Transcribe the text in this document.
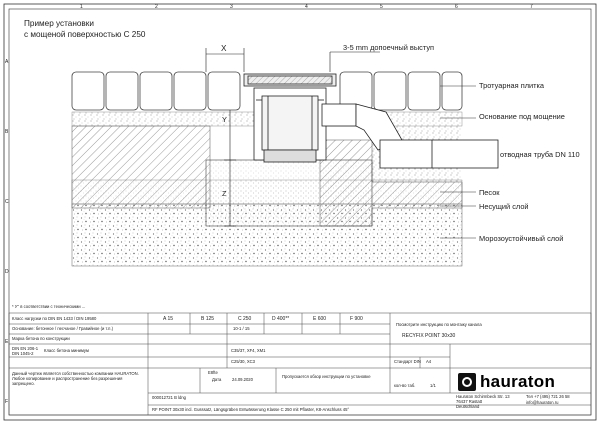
1	2	3	4	5	6	7
A
B
C
D
E
F
Пример установки
с мощеной поверхностью C 250
X
Y
Z
3-5 mm допоечный выступ
Тротуарная плитка
Основание под мощение
отводная труба DN 110
Песок
Несущий слой
Морозоустойчивый слой
* У'' в соответствии с техническими ...
Класс нагрузки по DIN EN 1433 / DIN 19580	A 15	B 125	C 250	D 400**	E 600	F 900
Основание: бетонное / песчаное / Гравийное (и т.п.)	10-1 / 15
Марка бетона по конструкции
DIN EN 206-1
DIN 1045-2
Класс бетона минимум	С35/37, XF4, XM1
С25/30, XC3
Данный чертеж является собственностью компании HAURATON. Любое копирование и распространение без разрешения запрещено.
Дата	24.09.2020
E8fte
000012721 B ldng
Пропускается обзор инструкции по установке
Посмотрите инструкцию по монтажу канала
RECYFIX POINT 30x30
Стандарт DIN A4
кол-во таб.	1/1
RF POINT 30x30 incl. Gusssatz, Längsgräben Entwässerung Klasse C 250 mit Pflaster, K8-Anschluss 45°
hauraton
Hauraton Schirmbeck Str. 13
76437 Rastatt
Deutschland
Тел +7 (495) 721 26 58
info@hauraton.ru
